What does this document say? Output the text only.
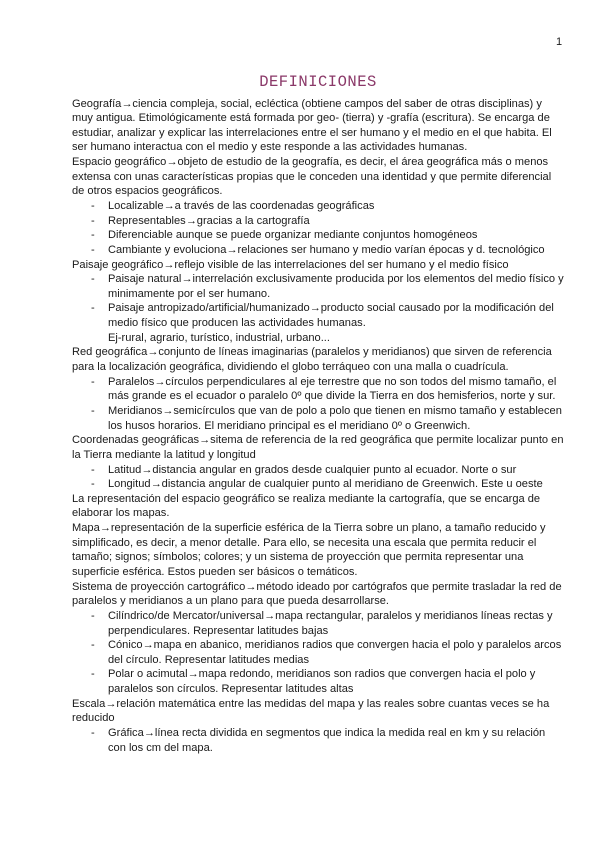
1
DEFINICIONES
Geografía→ciencia compleja, social, ecléctica (obtiene campos del saber de otras disciplinas) y
muy antigua. Etimológicamente está formada por geo- (tierra) y -grafía (escritura). Se encarga de
estudiar, analizar y explicar las interrelaciones entre el ser humano y el medio en el que habita. El
ser humano interactua con el medio y este responde a las actividades humanas.
Espacio geográfico→objeto de estudio de la geografía, es decir, el área geográfica más o menos
extensa con unas características propias que le conceden una identidad y que permite diferencial
de otros espacios geográficos.
- Localizable→a través de las coordenadas geográficas
- Representables→gracias a la cartografía
- Diferenciable aunque se puede organizar mediante conjuntos homogéneos
- Cambiante y evoluciona→relaciones ser humano y medio varían épocas y d. tecnológico
Paisaje geográfico→reflejo visible de las interrelaciones del ser humano y el medio físico
- Paisaje natural→interrelación exclusivamente producida por los elementos del medio físico y
minimamente por el ser humano.
- Paisaje antropizado/artificial/humanizado→producto social causado por la modificación del
medio físico que producen las actividades humanas.
Ej-rural, agrario, turístico, industrial, urbano...
Red geográfica→conjunto de líneas imaginarias (paralelos y meridianos) que sirven de referencia
para la localización geográfica, dividiendo el globo terráqueo con una malla o cuadrícula.
- Paralelos→círculos perpendiculares al eje terrestre que no son todos del mismo tamaño, el
más grande es el ecuador o paralelo 0º que divide la Tierra en dos hemisferios, norte y sur.
- Meridianos→semicírculos que van de polo a polo que tienen en mismo tamaño y establecen
los husos horarios. El meridiano principal es el meridiano 0º o Greenwich.
Coordenadas geográficas→sitema de referencia de la red geográfica que permite localizar punto en
la Tierra mediante la latitud y longitud
- Latitud→distancia angular en grados desde cualquier punto al ecuador. Norte o sur
- Longitud→distancia angular de cualquier punto al meridiano de Greenwich. Este u oeste
La representación del espacio geográfico se realiza mediante la cartografía, que se encarga de
elaborar los mapas.
Mapa→representación de la superficie esférica de la Tierra sobre un plano, a tamaño reducido y
simplificado, es decir, a menor detalle. Para ello, se necesita una escala que permita reducir el
tamaño; signos; símbolos; colores; y un sistema de proyección que permita representar una
superficie esférica. Estos pueden ser básicos o temáticos.
Sistema de proyección cartográfico→método ideado por cartógrafos que permite trasladar la red de
paralelos y meridianos a un plano para que pueda desarrollarse.
- Cilíndrico/de Mercator/universal→mapa rectangular, paralelos y meridianos líneas rectas y
perpendiculares. Representar latitudes bajas
- Cónico→mapa en abanico, meridianos radios que convergen hacia el polo y paralelos arcos
del círculo. Representar latitudes medias
- Polar o acimutal→mapa redondo, meridianos son radios que convergen hacia el polo y
paralelos son círculos. Representar latitudes altas
Escala→relación matemática entre las medidas del mapa y las reales sobre cuantas veces se ha
reducido
- Gráfica→línea recta dividida en segmentos que indica la medida real en km y su relación
con los cm del mapa.
